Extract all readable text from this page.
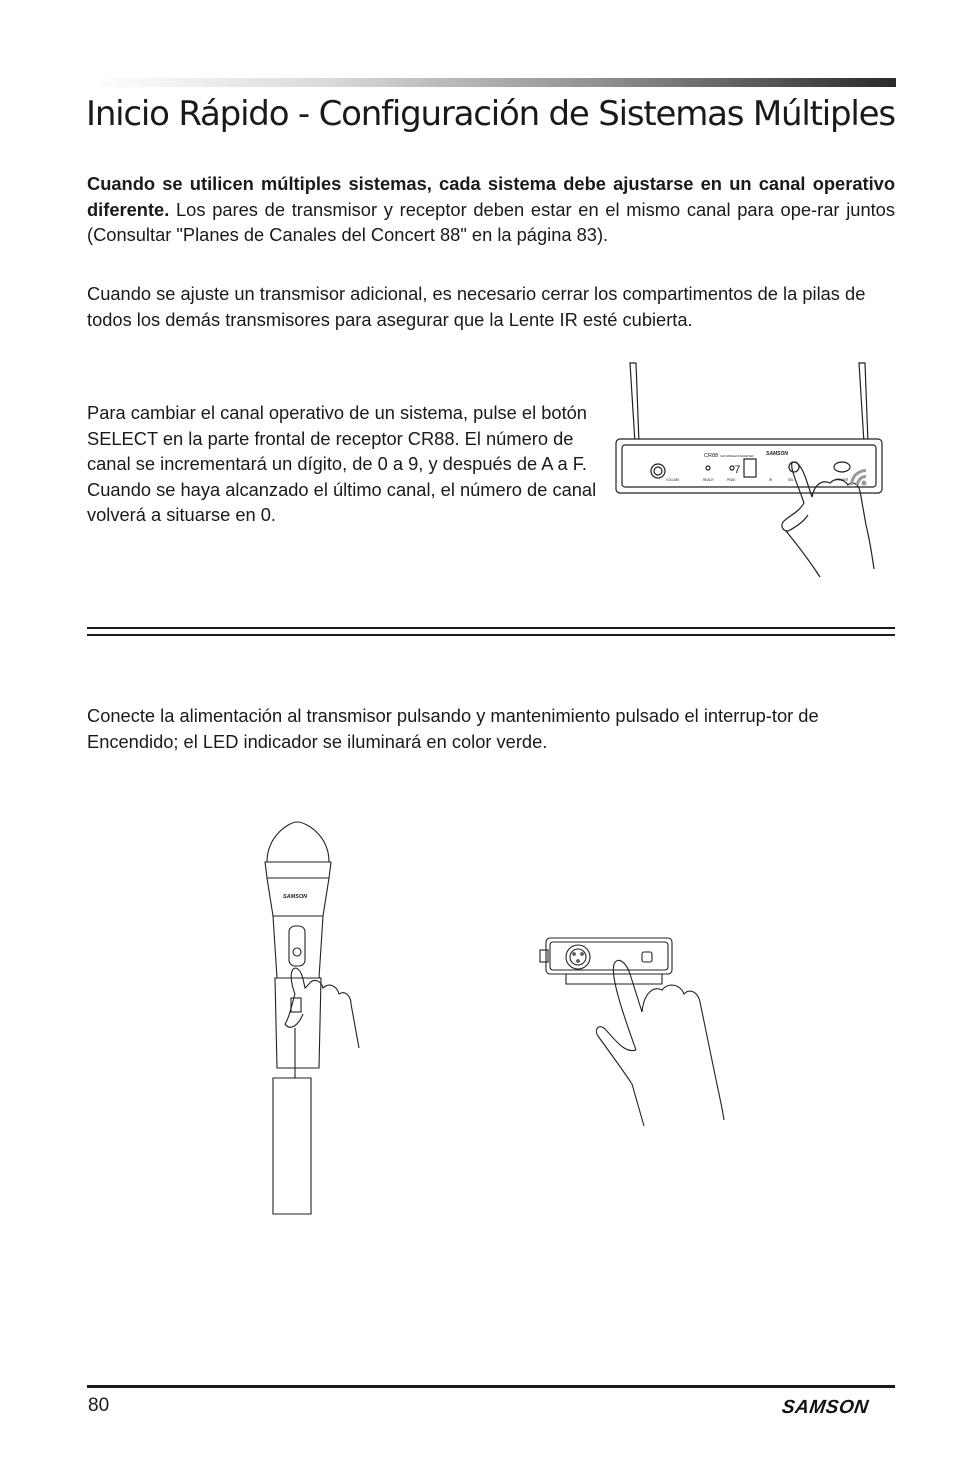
Inicio Rápido - Configuración de Sistemas Múltiples

Cuando se utilicen múltiples sistemas, cada sistema debe ajustarse en un canal operativo diferente. Los pares de transmisor y receptor deben estar en el mismo canal para ope-rar juntos (Consultar "Planes de Canales del Concert 88" en la página 83).

Cuando se ajuste un transmisor adicional, es necesario cerrar los compartimentos de la pilas de todos los demás transmisores para asegurar que la Lente IR esté cubierta.

Para cambiar el canal operativo de un sistema, pulse el botón SELECT en la parte frontal de receptor CR88. El número de canal se incrementará un dígito, de 0 a 9, y después de A a F. Cuando se haya alcanzado el último canal, el número de canal volverá a situarse en 0.

CR88 UHF WIRELESS RECEIVER	SAMSON
7
VOLUME	READY	PEAK	IR	SEL	POWER

Conecte la alimentación al transmisor pulsando y mantenimiento pulsado el interrup-tor de Encendido; el LED indicador se iluminará en color verde.

SAMSON

80	SAMSON
